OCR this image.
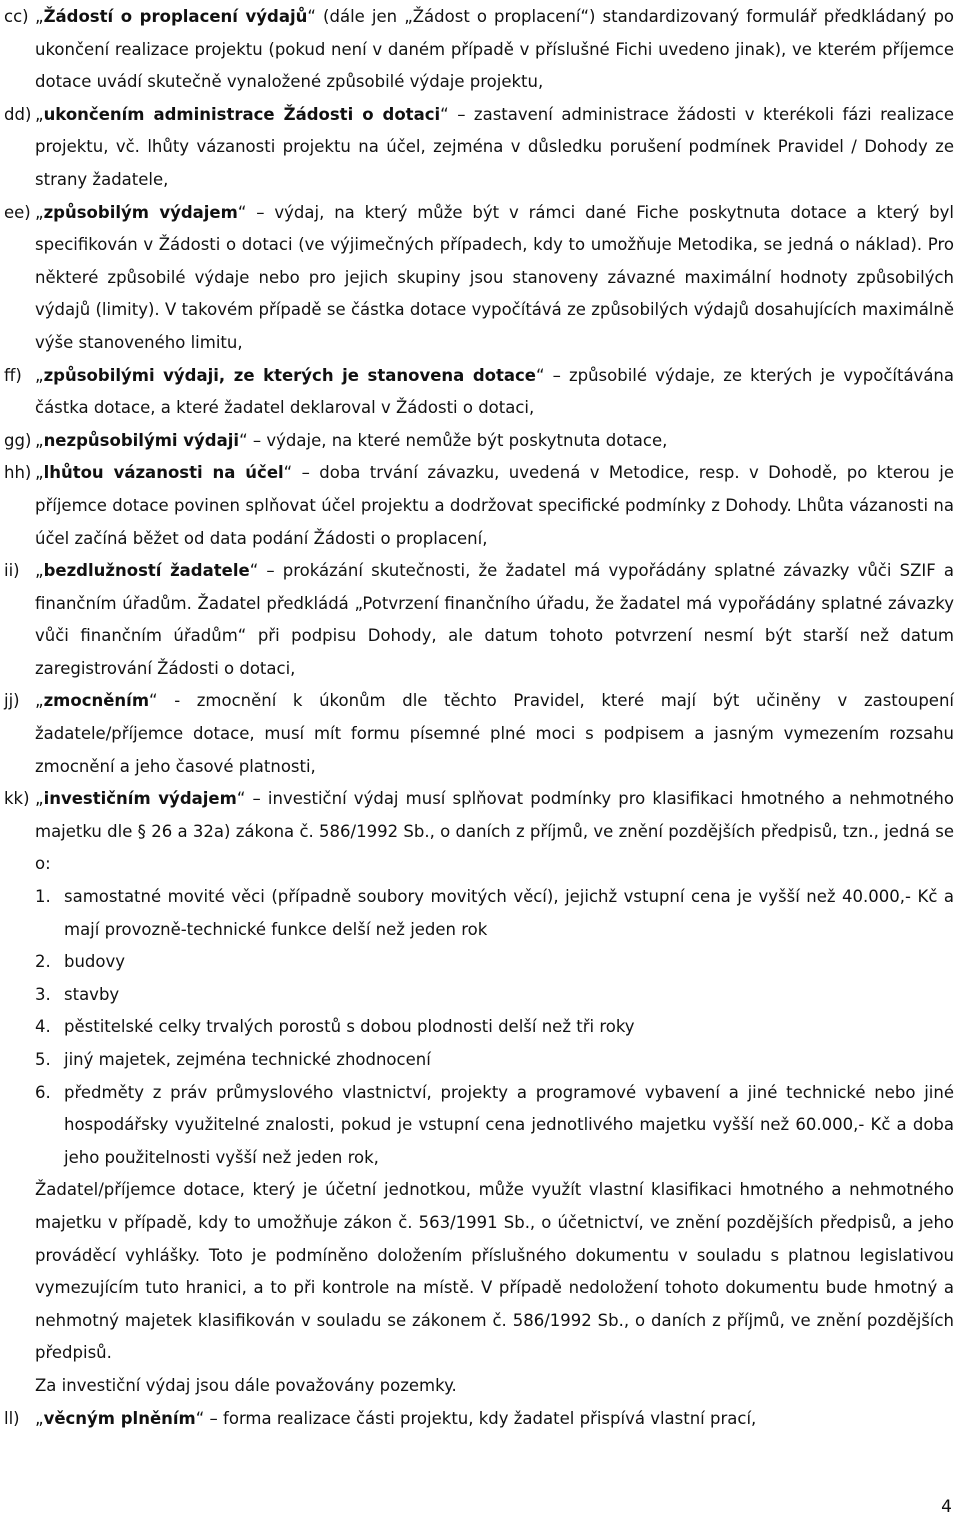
cc) „Žádostí o proplacení výdajů“ (dále jen „Žádost o proplacení“) standardizovaný formulář předkládaný po ukončení realizace projektu (pokud není v daném případě v příslušné Fichi uvedeno jinak), ve kterém příjemce dotace uvádí skutečně vynaložené způsobilé výdaje projektu,
dd) „ukončením administrace Žádosti o dotaci“ – zastavení administrace žádosti v kterékoli fázi realizace projektu, vč. lhůty vázanosti projektu na účel, zejména v důsledku porušení podmínek Pravidel / Dohody ze strany žadatele,
ee) „způsobilým výdajem“ – výdaj, na který může být v rámci dané Fiche poskytnuta dotace a který byl specifikován v Žádosti o dotaci (ve výjimečných případech, kdy to umožňuje Metodika, se jedná o náklad). Pro některé způsobilé výdaje nebo pro jejich skupiny jsou stanoveny závazné maximální hodnoty způsobilých výdajů (limity). V takovém případě se částka dotace vypočítává ze způsobilých výdajů dosahujících maximálně výše stanoveného limitu,
ff) „způsobilými výdaji, ze kterých je stanovena dotace“ – způsobilé výdaje, ze kterých je vypočítávána částka dotace, a které žadatel deklaroval v Žádosti o dotaci,
gg) „nezpůsobilými výdaji“ – výdaje, na které nemůže být poskytnuta dotace,
hh) „lhůtou vázanosti na účel“ – doba trvání závazku, uvedená v Metodice, resp. v Dohodě, po kterou je příjemce dotace povinen splňovat účel projektu a dodržovat specifické podmínky z Dohody. Lhůta vázanosti na účel začíná běžet od data podání Žádosti o proplacení,
ii) „bezdlužností žadatele“ – prokázání skutečnosti, že žadatel má vypořádány splatné závazky vůči SZIF a finančním úřadům. Žadatel předkládá „Potvrzení finančního úřadu, že žadatel má vypořádány splatné závazky vůči finančním úřadům“ při podpisu Dohody, ale datum tohoto potvrzení nesmí být starší než datum zaregistrování Žádosti o dotaci,
jj) „zmocněním“ - zmocnění k úkonům dle těchto Pravidel, které mají být učiněny v zastoupení žadatele/příjemce dotace, musí mít formu písemné plné moci s podpisem a jasným vymezením rozsahu zmocnění a jeho časové platnosti,
kk) „investičním výdajem“ – investiční výdaj musí splňovat podmínky pro klasifikaci hmotného a nehmotného majetku dle § 26 a 32a) zákona č. 586/1992 Sb., o daních z příjmů, ve znění pozdějších předpisů, tzn., jedná se o:
1. samostatné movité věci (případně soubory movitých věcí), jejichž vstupní cena je vyšší než 40.000,- Kč a mají provozně-technické funkce delší než jeden rok
2. budovy
3. stavby
4. pěstitelské celky trvalých porostů s dobou plodnosti delší než tři roky
5. jiný majetek, zejména technické zhodnocení
6. předměty z práv průmyslového vlastnictví, projekty a programové vybavení a jiné technické nebo jiné hospodářsky využitelné znalosti, pokud je vstupní cena jednotlivého majetku vyšší než 60.000,- Kč a doba jeho použitelnosti vyšší než jeden rok,
Žadatel/příjemce dotace, který je účetní jednotkou, může využít vlastní klasifikaci hmotného a nehmotného majetku v případě, kdy to umožňuje zákon č. 563/1991 Sb., o účetnictví, ve znění pozdějších předpisů, a jeho prováděcí vyhlášky. Toto je podmíněno doložením příslušného dokumentu v souladu s platnou legislativou vymezujícím tuto hranici, a to při kontrole na místě. V případě nedoložení tohoto dokumentu bude hmotný a nehmotný majetek klasifikován v souladu se zákonem č. 586/1992 Sb., o daních z příjmů, ve znění pozdějších předpisů.
Za investiční výdaj jsou dále považovány pozemky.
ll) „věcným plněním“ – forma realizace části projektu, kdy žadatel přispívá vlastní prací,
4
